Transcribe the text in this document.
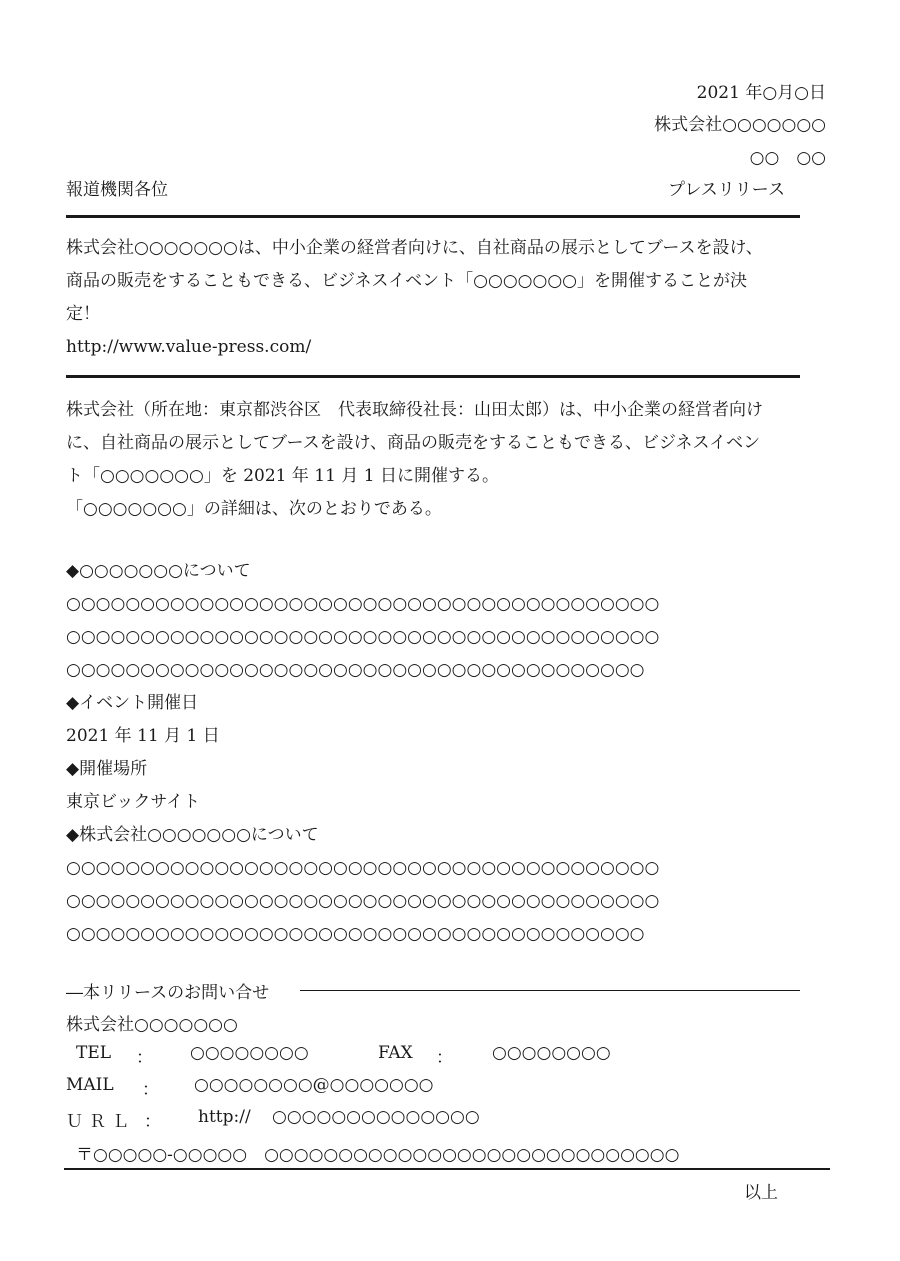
2021 年○月○日
株式会社○○○○○○○
○○　○○
報道機関各位	プレスリリース
株式会社○○○○○○○は、中小企業の経営者向けに、自社商品の展示としてブースを設け、
商品の販売をすることもできる、ビジネスイベント「○○○○○○○」を開催することが決
定！
http://www.value-press.com/
株式会社（所在地：東京都渋谷区　代表取締役社長：山田太郎）は、中小企業の経営者向け
に、自社商品の展示としてブースを設け、商品の販売をすることもできる、ビジネスイベン
ト「○○○○○○○」を 2021 年 11 月 1 日に開催する。
「○○○○○○○」の詳細は、次のとおりである。
◆○○○○○○○について
○○○○○○○○○○○○○○○○○○○○○○○○○○○○○○○○○○○○○○○○
○○○○○○○○○○○○○○○○○○○○○○○○○○○○○○○○○○○○○○○○
○○○○○○○○○○○○○○○○○○○○○○○○○○○○○○○○○○○○○○○
◆イベント開催日
2021 年 11 月 1 日
◆開催場所
東京ビックサイト
◆株式会社○○○○○○○について
○○○○○○○○○○○○○○○○○○○○○○○○○○○○○○○○○○○○○○○○
○○○○○○○○○○○○○○○○○○○○○○○○○○○○○○○○○○○○○○○○
○○○○○○○○○○○○○○○○○○○○○○○○○○○○○○○○○○○○○○○
―本リリースのお問い合せ
株式会社○○○○○○○
TEL ： ○○○○○○○○	FAX ： ○○○○○○○○
MAIL ： ○○○○○○○○@○○○○○○○
ＵＲＬ ： http:// ○○○○○○○○○○○○○○
〒○○○○○-○○○○○　○○○○○○○○○○○○○○○○○○○○○○○○○○○○
以上
